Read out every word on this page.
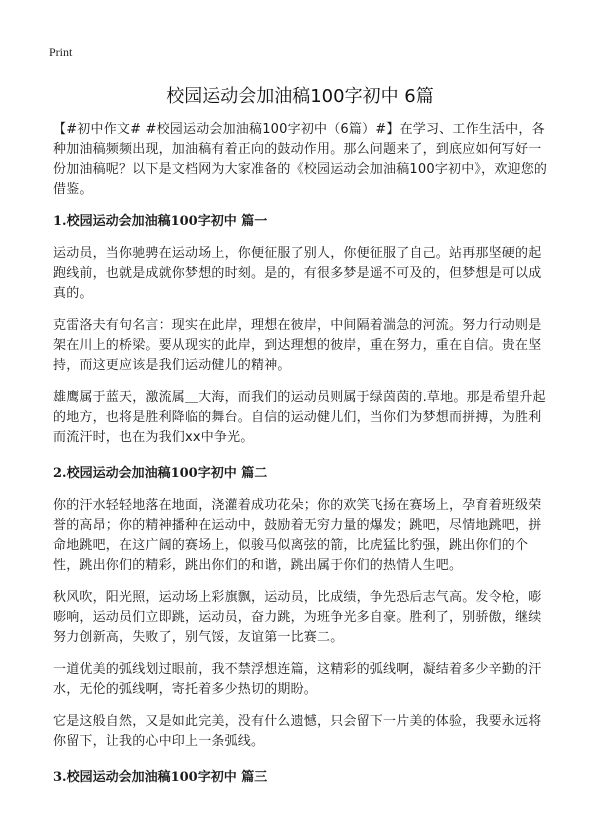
Print
校园运动会加油稿100字初中 6篇

【#初中作文# #校园运动会加油稿100字初中（6篇）#】在学习、工作生活中，各种加油稿频频出现，加油稿有着正向的鼓动作用。那么问题来了，到底应如何写好一份加油稿呢？以下是文档网为大家准备的《校园运动会加油稿100字初中》，欢迎您的借鉴。

1.校园运动会加油稿100字初中 篇一

运动员，当你驰骋在运动场上，你便征服了别人，你便征服了自己。站再那坚硬的起跑线前，也就是成就你梦想的时刻。是的，有很多梦是遥不可及的，但梦想是可以成真的。

克雷洛夫有句名言：现实在此岸，理想在彼岸，中间隔着湍急的河流。努力行动则是架在川上的桥梁。要从现实的此岸，到达理想的彼岸，重在努力，重在自信。贵在坚持，而这更应该是我们运动健儿的精神。

雄鹰属于蓝天，激流属＿大海，而我们的运动员则属于绿茵茵的.草地。那是希望升起的地方，也将是胜利降临的舞台。自信的运动健儿们，当你们为梦想而拼搏，为胜利而流汗时，也在为我们xx中争光。

2.校园运动会加油稿100字初中 篇二

你的汗水轻轻地落在地面，浇灌着成功花朵；你的欢笑飞扬在赛场上，孕育着班级荣誉的高昂；你的精神播种在运动中，鼓励着无穷力量的爆发；跳吧，尽情地跳吧，拼命地跳吧，在这广阔的赛场上，似骏马似离弦的箭，比虎猛比豹强，跳出你们的个性，跳出你们的精彩，跳出你们的和谐，跳出属于你们的热情人生吧。

秋风吹，阳光照，运动场上彩旗飘，运动员，比成绩，争先恐后志气高。发令枪，嘭嘭响，运动员们立即跳，运动员，奋力跳，为班争光多自豪。胜利了，别骄傲，继续努力创新高，失败了，别气馁，友谊第一比赛二。

一道优美的弧线划过眼前，我不禁浮想连篇，这精彩的弧线啊，凝结着多少辛勤的汗水，无伦的弧线啊，寄托着多少热切的期盼。

它是这般自然，又是如此完美，没有什么遗憾，只会留下一片美的体验，我要永远将你留下，让我的心中印上一条弧线。

3.校园运动会加油稿100字初中 篇三
